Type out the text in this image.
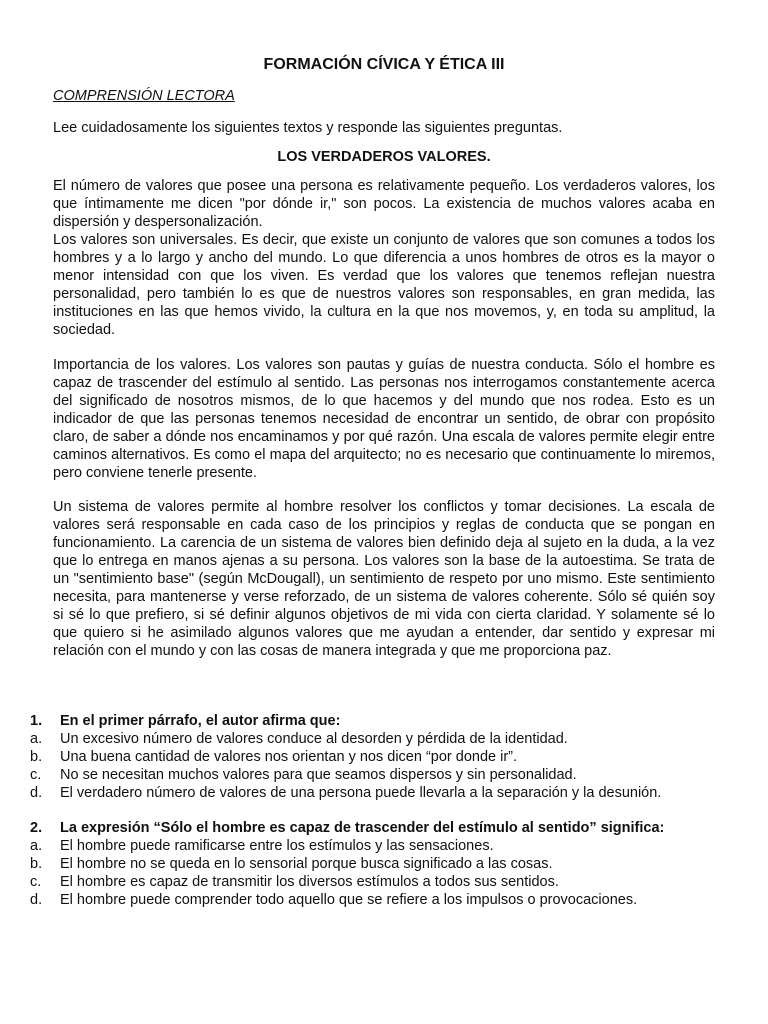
FORMACIÓN CÍVICA Y ÉTICA III
COMPRENSIÓN LECTORA
Lee cuidadosamente los siguientes textos y responde las siguientes preguntas.
LOS VERDADEROS VALORES.

El número de valores que posee una persona es relativamente pequeño. Los verdaderos valores, los que íntimamente me dicen "por dónde ir," son pocos. La existencia de muchos valores acaba en dispersión y despersonalización.

Los valores son universales. Es decir, que existe un conjunto de valores que son comunes a todos los hombres y a lo largo y ancho del mundo. Lo que diferencia a unos hombres de otros es la mayor o menor intensidad con que los viven. Es verdad que los valores que tenemos reflejan nuestra personalidad, pero también lo es que de nuestros valores son responsables, en gran medida, las instituciones en las que hemos vivido, la cultura en la que nos movemos, y, en toda su amplitud, la sociedad.

Importancia de los valores. Los valores son pautas y guías de nuestra conducta. Sólo el hombre es capaz de trascender del estímulo al sentido. Las personas nos interrogamos constantemente acerca del significado de nosotros mismos, de lo que hacemos y del mundo que nos rodea. Esto es un indicador de que las personas tenemos necesidad de encontrar un sentido, de obrar con propósito claro, de saber a dónde nos encaminamos y por qué razón. Una escala de valores permite elegir entre caminos alternativos. Es como el mapa del arquitecto; no es necesario que continuamente lo miremos, pero conviene tenerle presente.

Un sistema de valores permite al hombre resolver los conflictos y tomar decisiones. La escala de valores será responsable en cada caso de los principios y reglas de conducta que se pongan en funcionamiento. La carencia de un sistema de valores bien definido deja al sujeto en la duda, a la vez que lo entrega en manos ajenas a su persona. Los valores son la base de la autoestima. Se trata de un "sentimiento base" (según McDougall), un sentimiento de respeto por uno mismo. Este sentimiento necesita, para mantenerse y verse reforzado, de un sistema de valores coherente. Sólo sé quién soy si sé lo que prefiero, si sé definir algunos objetivos de mi vida con cierta claridad. Y solamente sé lo que quiero si he asimilado algunos valores que me ayudan a entender, dar sentido y expresar mi relación con el mundo y con las cosas de manera integrada y que me proporciona paz.

1.	En el primer párrafo, el autor afirma que:
a.	Un excesivo número de valores conduce al desorden y pérdida de la identidad.
b.	Una buena cantidad de valores nos orientan y nos dicen “por donde ir”.
c.	No se necesitan muchos valores para que seamos dispersos y sin personalidad.
d.	El verdadero número de valores de una persona puede llevarla a la separación y la desunión.
2.	La expresión “Sólo el hombre es capaz de trascender del estímulo al sentido” significa:
a.	El hombre puede ramificarse entre los estímulos y las sensaciones.
b.	El hombre no se queda en lo sensorial porque busca significado a las cosas.
c.	El hombre es capaz de transmitir los diversos estímulos a todos sus sentidos.
d.	El hombre puede comprender todo aquello que se refiere a los impulsos o provocaciones.
